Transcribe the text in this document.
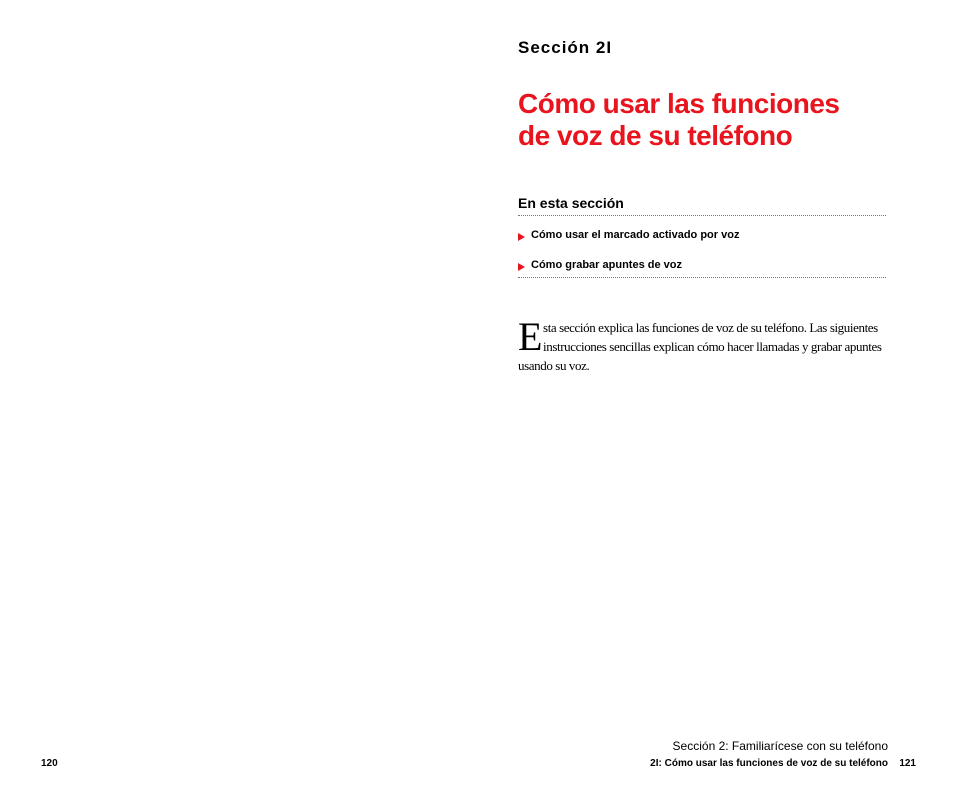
120
Sección 2I
Cómo usar las funciones
de voz de su teléfono
En esta sección
Cómo usar el marcado activado por voz
Cómo grabar apuntes de voz
Esta sección explica las funciones de voz de su teléfono. Las siguientes instrucciones sencillas explican cómo hacer llamadas y grabar apuntes usando su voz.
Sección 2: Familiarícese con su teléfono
2I: Cómo usar las funciones de voz de su teléfono 121
